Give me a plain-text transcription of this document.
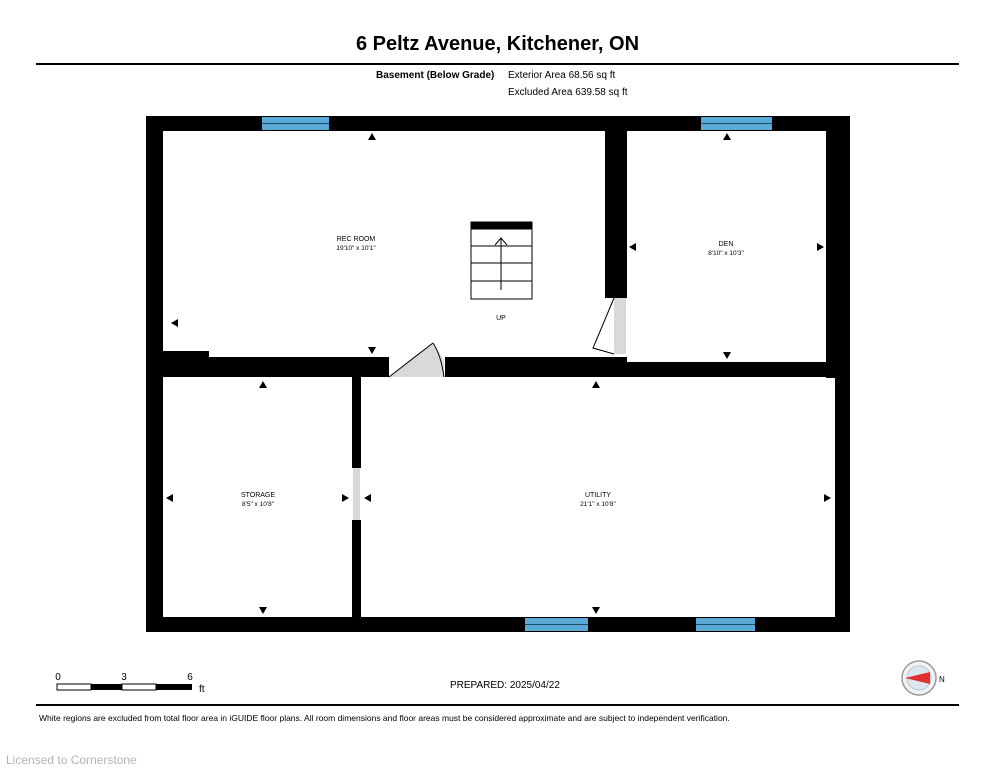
6 Peltz Avenue, Kitchener, ON
Basement (Below Grade) Exterior Area 68.56 sq ft
Excluded Area 639.58 sq ft
REC ROOM
19'10" x 10'1"
UP
DEN
8'10" x 10'3"
STORAGE
8'5" x 10'8"
UTILITY
21'1" x 10'8"
0	3	6
ft
N
PREPARED: 2025/04/22
White regions are excluded from total floor area in iGUIDE floor plans. All room dimensions and floor areas must be considered approximate and are subject to independent verification.
Licensed to Cornerstone
